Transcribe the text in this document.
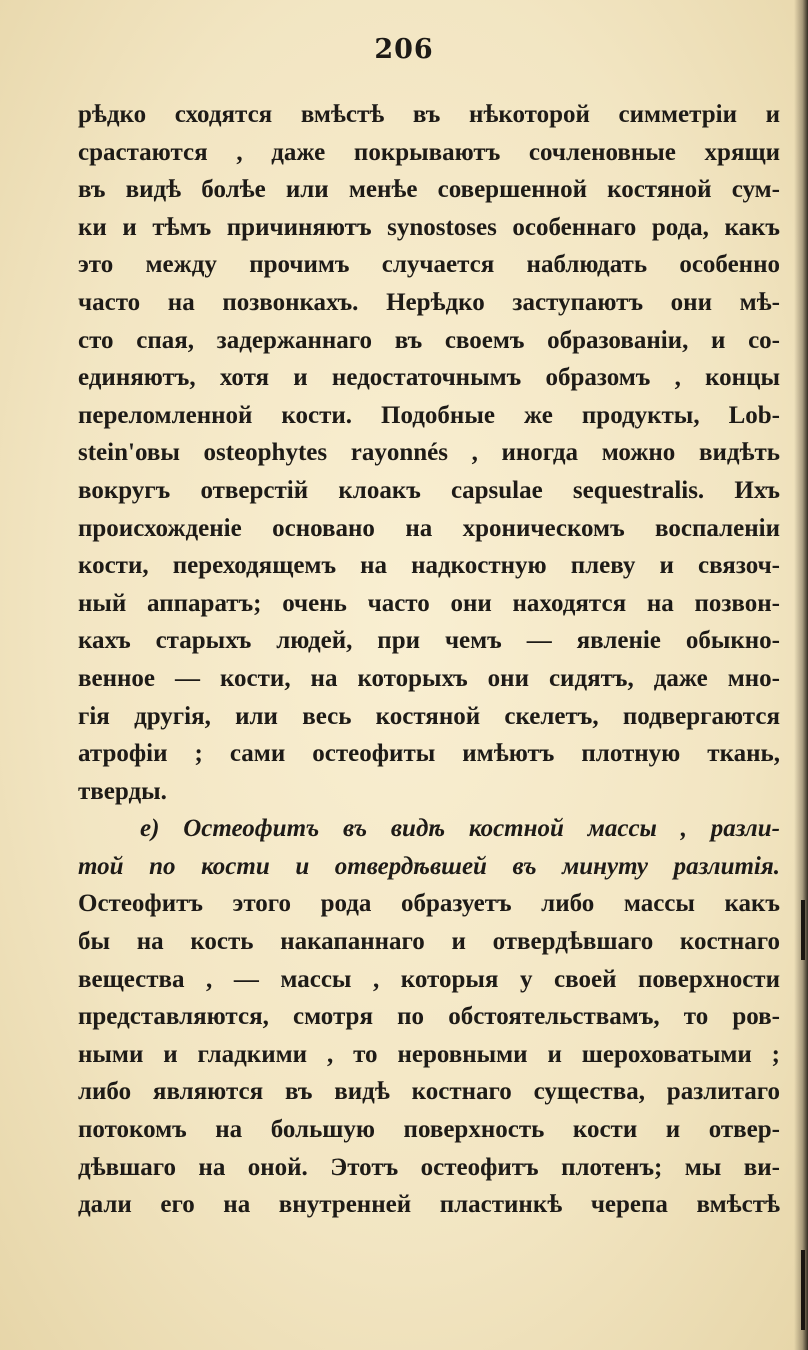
206
рѣдко сходятся вмѣстѣ въ нѣкоторой симметріи и
срастаются , даже покрываютъ сочленовные хрящи
въ видѣ болѣе или менѣе совершенной костяной сум-
ки и тѣмъ причиняютъ synostoses особеннаго рода, какъ
это между прочимъ случается наблюдать особенно
часто на позвонкахъ. Нерѣдко заступаютъ они мѣ-
сто спая, задержаннаго въ своемъ образованіи, и со-
единяютъ, хотя и недостаточнымъ образомъ , концы
переломленной кости. Подобные же продукты, Lob-
stein'овы osteophytes rayonnés , иногда можно видѣть
вокругъ отверстій клоакъ capsulae sequestralis. Ихъ
происхожденіе основано на хроническомъ воспаленіи
кости, переходящемъ на надкостную плеву и связоч-
ный аппаратъ; очень часто они находятся на позвон-
кахъ старыхъ людей, при чемъ — явленіе обыкно-
венное — кости, на которыхъ они сидятъ, даже мно-
гія другія, или весь костяной скелетъ, подвергаются
атрофіи ; сами остеофиты имѣютъ плотную ткань,
тверды.
e) Остеофитъ въ видѣ костной массы , разли-
той по кости и отвердѣвшей въ минуту разлитія.
Остеофитъ этого рода образуетъ либо массы какъ
бы на кость накапаннаго и отвердѣвшаго костнаго
вещества , — массы , которыя у своей поверхности
представляются, смотря по обстоятельствамъ, то ров-
ными и гладкими , то неровными и шероховатыми ;
либо являются въ видѣ костнаго существа, разлитаго
потокомъ на большую поверхность кости и отвер-
дѣвшаго на оной. Этотъ остеофитъ плотенъ; мы ви-
дали его на внутренней пластинкѣ черепа вмѣстѣ
